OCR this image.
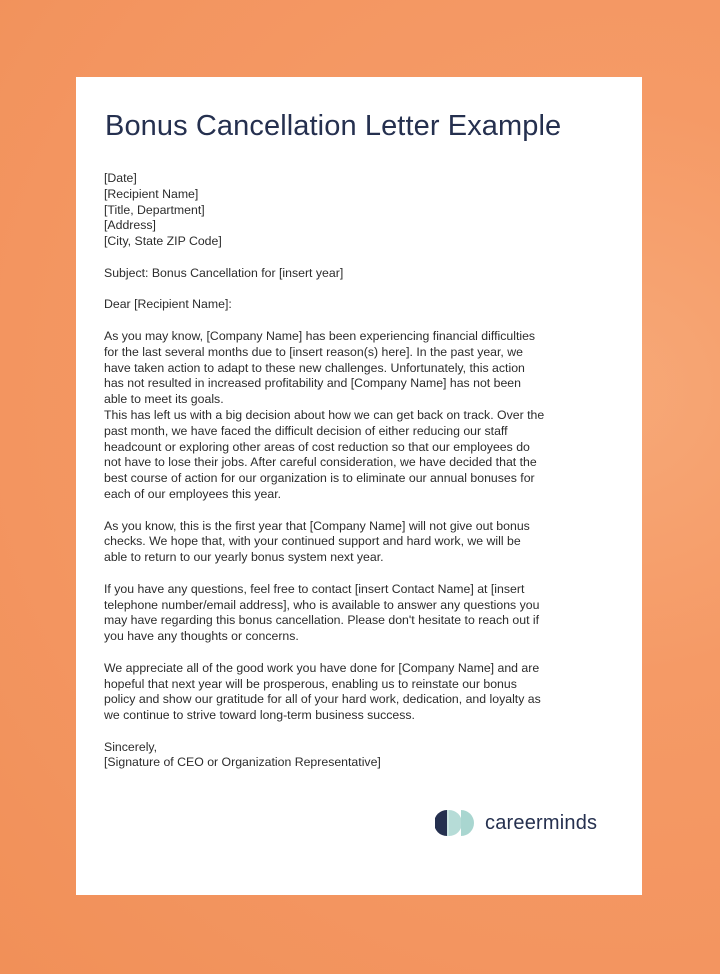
Bonus Cancellation Letter Example
[Date]
[Recipient Name]
[Title, Department]
[Address]
[City, State ZIP Code]
Subject: Bonus Cancellation for [insert year]
Dear [Recipient Name]:
As you may know, [Company Name] has been experiencing financial difficulties
for the last several months due to [insert reason(s) here]. In the past year, we
have taken action to adapt to these new challenges. Unfortunately, this action
has not resulted in increased profitability and [Company Name] has not been
able to meet its goals.
This has left us with a big decision about how we can get back on track. Over the
past month, we have faced the difficult decision of either reducing our staff
headcount or exploring other areas of cost reduction so that our employees do
not have to lose their jobs. After careful consideration, we have decided that the
best course of action for our organization is to eliminate our annual bonuses for
each of our employees this year.
As you know, this is the first year that [Company Name] will not give out bonus
checks. We hope that, with your continued support and hard work, we will be
able to return to our yearly bonus system next year.
If you have any questions, feel free to contact [insert Contact Name] at [insert
telephone number/email address], who is available to answer any questions you
may have regarding this bonus cancellation. Please don't hesitate to reach out if
you have any thoughts or concerns.
We appreciate all of the good work you have done for [Company Name] and are
hopeful that next year will be prosperous, enabling us to reinstate our bonus
policy and show our gratitude for all of your hard work, dedication, and loyalty as
we continue to strive toward long-term business success.
Sincerely,
[Signature of CEO or Organization Representative]
careerminds
